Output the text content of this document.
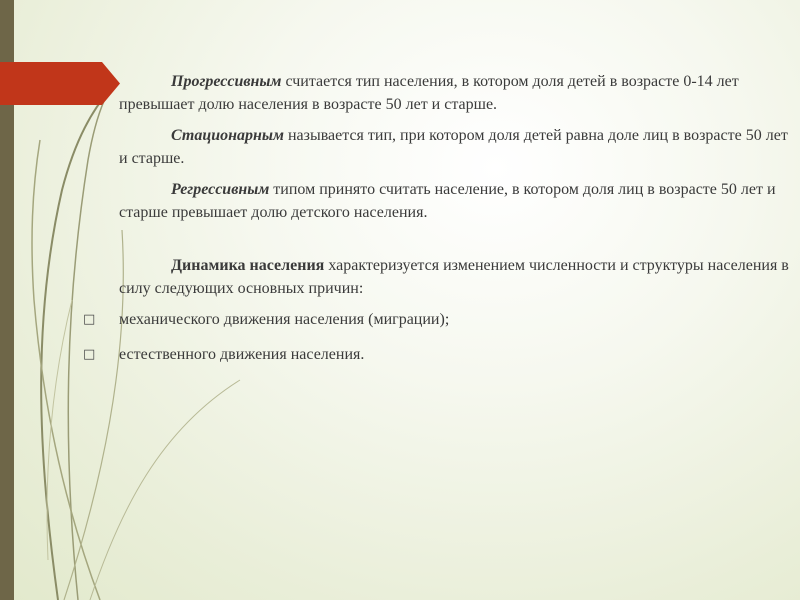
Прогрессивным считается тип населения, в котором доля детей в возрасте 0-14 лет превышает долю населения в возрасте 50 лет и старше.

Стационарным называется тип, при котором доля детей равна доле лиц в возрасте 50 лет и старше.

Регрессивным типом принято считать население, в котором доля лиц в возрасте 50 лет и старше превышает долю детского населения.

Динамика населения характеризуется изменением численности и структуры населения в силу следующих основных причин:

□ механического движения населения (миграции);
□ естественного движения населения.
